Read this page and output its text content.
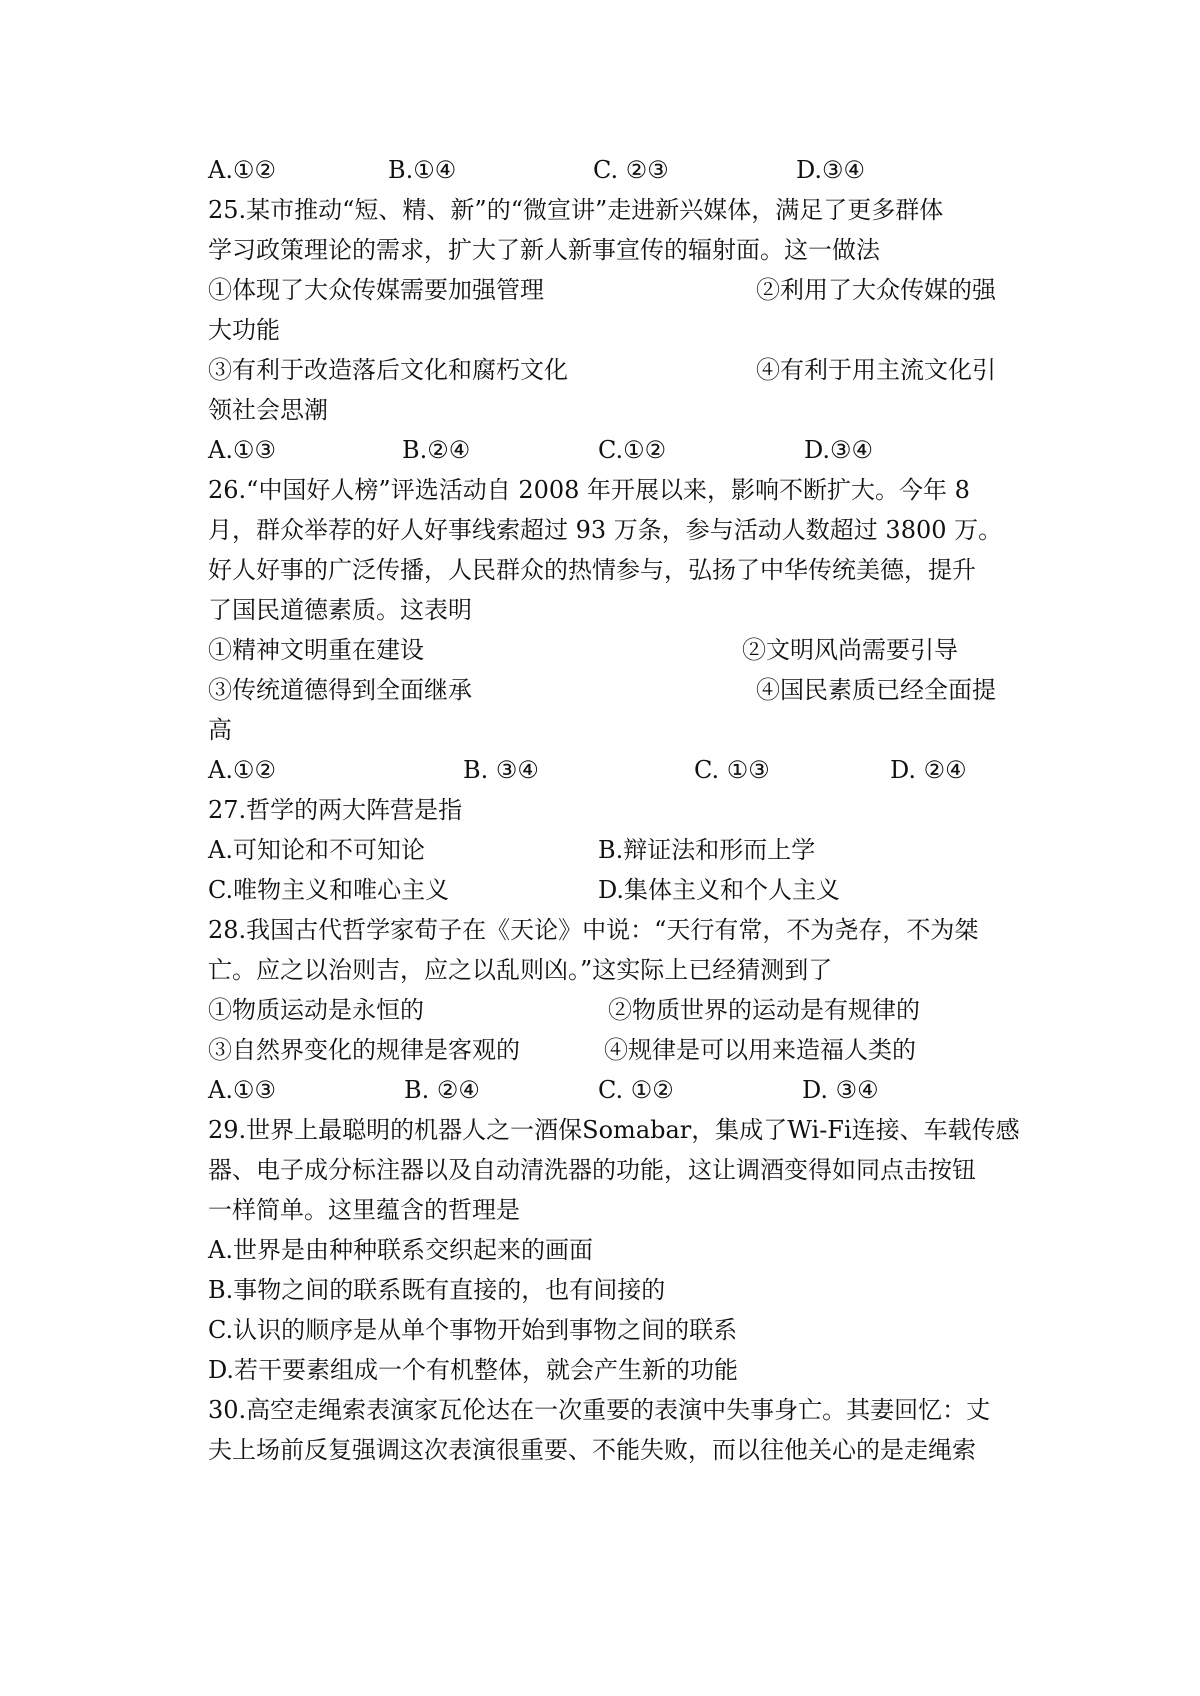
A.①②	B.①④	C. ②③	D.③④
25.某市推动“短、精、新”的“微宣讲”走进新兴媒体，满足了更多群体
学习政策理论的需求，扩大了新人新事宣传的辐射面。这一做法
①体现了大众传媒需要加强管理	②利用了大众传媒的强
大功能
③有利于改造落后文化和腐朽文化	④有利于用主流文化引
领社会思潮
A.①③	B.②④	C.①②	D.③④
26.“中国好人榜”评选活动自 2008 年开展以来，影响不断扩大。今年 8
月，群众举荐的好人好事线索超过 93 万条，参与活动人数超过 3800 万。
好人好事的广泛传播，人民群众的热情参与，弘扬了中华传统美德，提升
了国民道德素质。这表明
①精神文明重在建设	②文明风尚需要引导
③传统道德得到全面继承	④国民素质已经全面提
高
A.①②	B. ③④	C. ①③	D. ②④
27.哲学的两大阵营是指
A.可知论和不可知论	B.辩证法和形而上学
C.唯物主义和唯心主义	D.集体主义和个人主义
28.我国古代哲学家荀子在《天论》中说：“天行有常，不为尧存，不为桀
亡。应之以治则吉，应之以乱则凶。”这实际上已经猜测到了
①物质运动是永恒的	②物质世界的运动是有规律的
③自然界变化的规律是客观的	④规律是可以用来造福人类的
A.①③	B. ②④	C. ①②	D. ③④
29.世界上最聪明的机器人之一酒保Somabar，集成了Wi-Fi连接、车载传感
器、电子成分标注器以及自动清洗器的功能，这让调酒变得如同点击按钮
一样简单。这里蕴含的哲理是
A.世界是由种种联系交织起来的画面
B.事物之间的联系既有直接的，也有间接的
C.认识的顺序是从单个事物开始到事物之间的联系
D.若干要素组成一个有机整体，就会产生新的功能
30.高空走绳索表演家瓦伦达在一次重要的表演中失事身亡。其妻回忆：丈
夫上场前反复强调这次表演很重要、不能失败，而以往他关心的是走绳索
